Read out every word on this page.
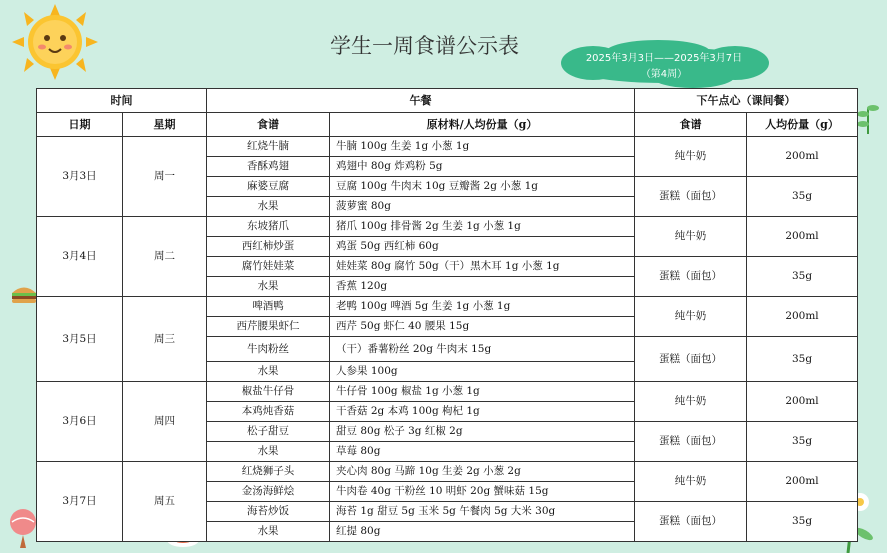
学生一周食谱公示表
2025年3月3日——2025年3月7日
（第4周）
时间		午餐		下午点心（课间餐）	
日期	星期	食谱	原材料/人均份量（g）	食谱	人均份量（g）
3月3日	周一	红烧牛腩	牛腩 100g 生姜 1g 小葱 1g	纯牛奶	200ml
		香酥鸡翅	鸡翅中 80g 炸鸡粉 5g		
		麻婆豆腐	豆腐 100g 牛肉末 10g 豆瓣酱 2g 小葱 1g	蛋糕（面包）	35g
		水果	菠萝蜜 80g		
3月4日	周二	东坡猪爪	猪爪 100g 排骨酱 2g 生姜 1g 小葱 1g	纯牛奶	200ml
		西红柿炒蛋	鸡蛋 50g 西红柿 60g		
		腐竹娃娃菜	娃娃菜 80g 腐竹 50g（干）黑木耳 1g 小葱 1g	蛋糕（面包）	35g
		水果	香蕉 120g		
3月5日	周三	啤酒鸭	老鸭 100g 啤酒 5g 生姜 1g 小葱 1g	纯牛奶	200ml
		西芹腰果虾仁	西芹 50g 虾仁 40 腰果 15g		
		牛肉粉丝	（干）番薯粉丝 20g 牛肉末 15g	蛋糕（面包）	35g
		水果	人参果 100g		
3月6日	周四	椒盐牛仔骨	牛仔骨 100g 椒盐 1g 小葱 1g	纯牛奶	200ml
		本鸡炖香菇	干香菇 2g 本鸡 100g 枸杞 1g		
		松子甜豆	甜豆 80g 松子 3g 红椒 2g	蛋糕（面包）	35g
		水果	草莓 80g		
3月7日	周五	红烧狮子头	夹心肉 80g 马蹄 10g 生姜 2g 小葱 2g	纯牛奶	200ml
		金汤海鲜烩	牛肉卷 40g 干粉丝 10 明虾 20g 蟹味菇 15g		
		海苔炒饭	海苔 1g 甜豆 5g 玉米 5g 午餐肉 5g 大米 30g	蛋糕（面包）	35g
		水果	红提 80g		
